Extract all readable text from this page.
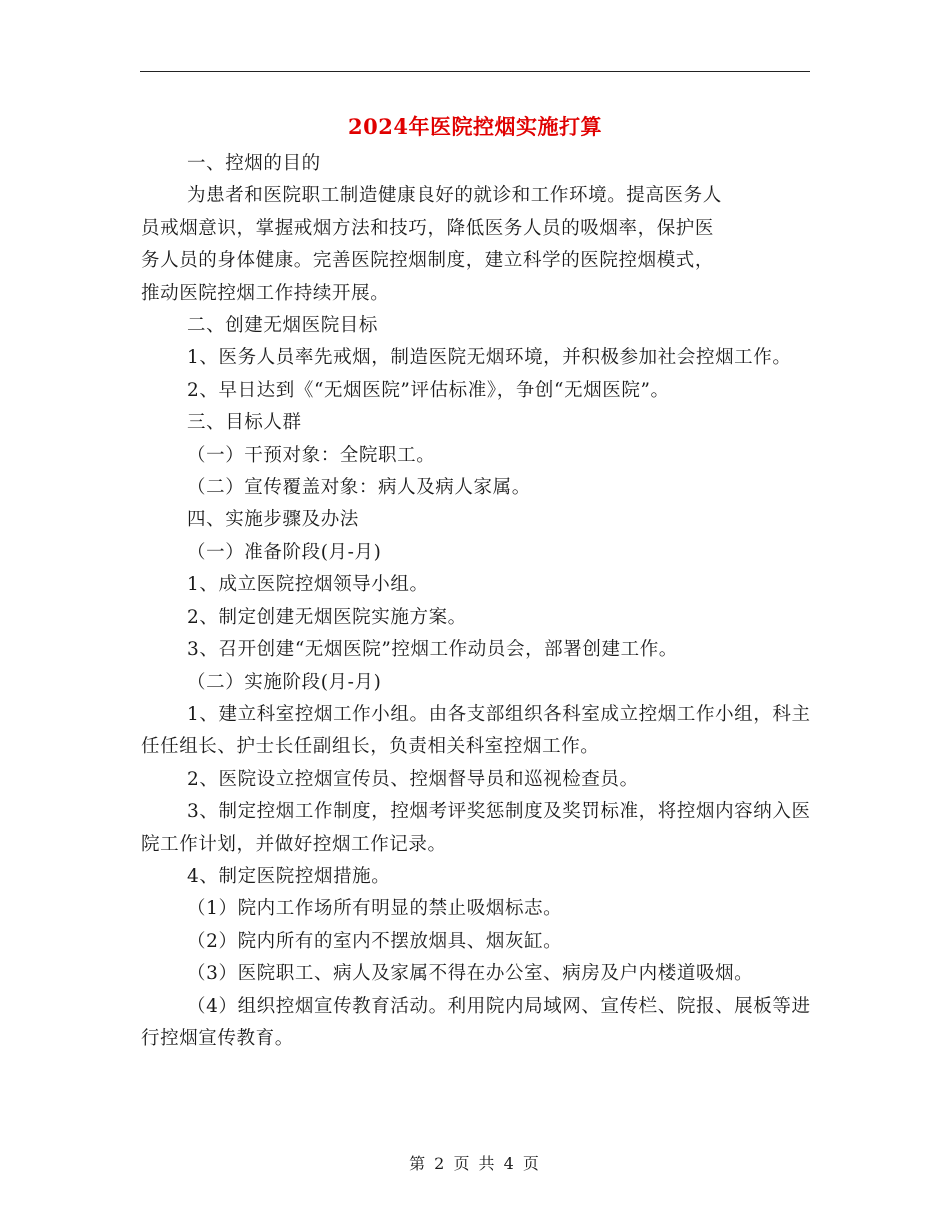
2024年医院控烟实施打算

一、控烟的目的

为患者和医院职工制造健康良好的就诊和工作环境。提高医务人
员戒烟意识，掌握戒烟方法和技巧，降低医务人员的吸烟率，保护医
务人员的身体健康。完善医院控烟制度，建立科学的医院控烟模式，
推动医院控烟工作持续开展。

二、创建无烟医院目标

1、医务人员率先戒烟，制造医院无烟环境，并积极参加社会控烟工作。

2、早日达到《“无烟医院”评估标准》，争创“无烟医院”。

三、目标人群

（一）干预对象：全院职工。

（二）宣传覆盖对象：病人及病人家属。

四、实施步骤及办法

（一）准备阶段(月-月)

1、成立医院控烟领导小组。

2、制定创建无烟医院实施方案。

3、召开创建“无烟医院”控烟工作动员会，部署创建工作。

（二）实施阶段(月-月)

1、建立科室控烟工作小组。由各支部组织各科室成立控烟工作小组，科主任任组长、护士长任副组长，负责相关科室控烟工作。

2、医院设立控烟宣传员、控烟督导员和巡视检查员。

3、制定控烟工作制度，控烟考评奖惩制度及奖罚标准，将控烟内容纳入医院工作计划，并做好控烟工作记录。

4、制定医院控烟措施。

（1）院内工作场所有明显的禁止吸烟标志。

（2）院内所有的室内不摆放烟具、烟灰缸。

（3）医院职工、病人及家属不得在办公室、病房及户内楼道吸烟。

（4）组织控烟宣传教育活动。利用院内局域网、宣传栏、院报、展板等进行控烟宣传教育。

第 2 页 共 4 页
